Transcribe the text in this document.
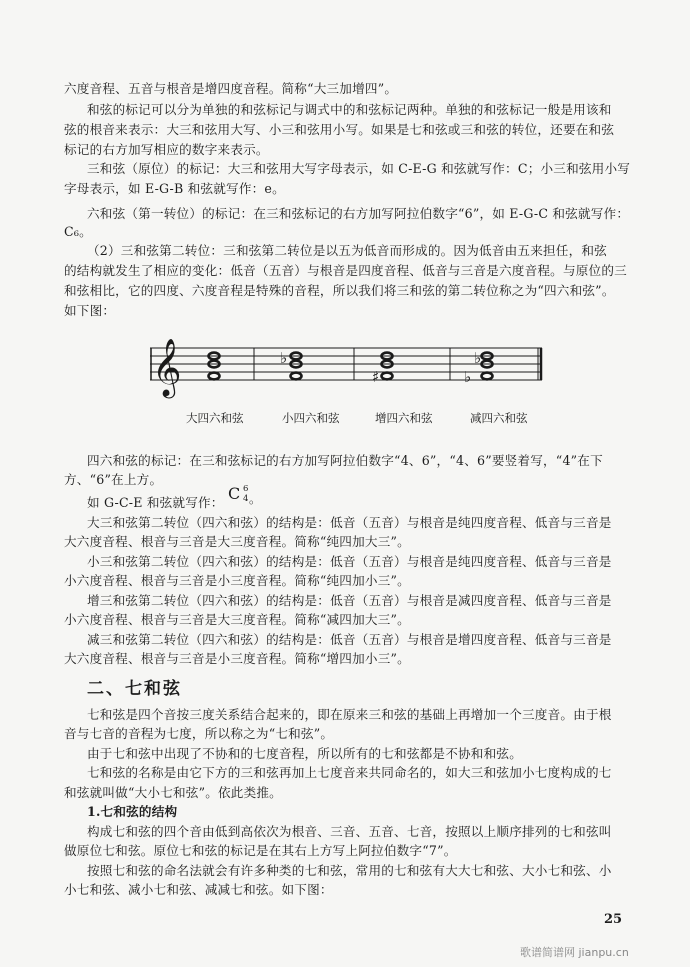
六度音程、五音与根音是增四度音程。简称“大三加增四”。
和弦的标记可以分为单独的和弦标记与调式中的和弦标记两种。单独的和弦标记一般是用该和
弦的根音来表示：大三和弦用大写、小三和弦用小写。如果是七和弦或三和弦的转位，还要在和弦
标记的右方加写相应的数字来表示。
三和弦（原位）的标记：大三和弦用大写字母表示，如 C-E-G 和弦就写作：C；小三和弦用小写
字母表示，如 E-G-B 和弦就写作：e。
六和弦（第一转位）的标记：在三和弦标记的右方加写阿拉伯数字“6”，如 E-G-C 和弦就写作：
C₆。
（2）三和弦第二转位：三和弦第二转位是以五为低音而形成的。因为低音由五来担任，和弦
的结构就发生了相应的变化：低音（五音）与根音是四度音程、低音与三音是六度音程。与原位的三
和弦相比，它的四度、六度音程是特殊的音程，所以我们将三和弦的第二转位称之为“四六和弦”。
如下图：
𝄞	♭
♯	♭
♭
大四六和弦	小四六和弦	增四六和弦	减四六和弦
四六和弦的标记：在三和弦标记的右方加写阿拉伯数字“4、6”，“4、6”要竖着写，“4”在下
方、“6”在上方。
如 G-C-E 和弦就写作： C 6
4 。
大三和弦第二转位（四六和弦）的结构是：低音（五音）与根音是纯四度音程、低音与三音是
大六度音程、根音与三音是大三度音程。简称“纯四加大三”。
小三和弦第二转位（四六和弦）的结构是：低音（五音）与根音是纯四度音程、低音与三音是
小六度音程、根音与三音是小三度音程。简称“纯四加小三”。
增三和弦第二转位（四六和弦）的结构是：低音（五音）与根音是减四度音程、低音与三音是
小六度音程、根音与三音是大三度音程。简称“减四加大三”。
减三和弦第二转位（四六和弦）的结构是：低音（五音）与根音是增四度音程、低音与三音是
大六度音程、根音与三音是小三度音程。简称“增四加小三”。
二、七和弦
七和弦是四个音按三度关系结合起来的，即在原来三和弦的基础上再增加一个三度音。由于根
音与七音的音程为七度，所以称之为“七和弦”。
由于七和弦中出现了不协和的七度音程，所以所有的七和弦都是不协和和弦。
七和弦的名称是由它下方的三和弦再加上七度音来共同命名的，如大三和弦加小七度构成的七
和弦就叫做“大小七和弦”。依此类推。
1.七和弦的结构
构成七和弦的四个音由低到高依次为根音、三音、五音、七音，按照以上顺序排列的七和弦叫
做原位七和弦。原位七和弦的标记是在其右上方写上阿拉伯数字“7”。
按照七和弦的命名法就会有许多种类的七和弦，常用的七和弦有大大七和弦、大小七和弦、小
小七和弦、减小七和弦、减减七和弦。如下图：
25
歌谱简谱网 jianpu.cn
